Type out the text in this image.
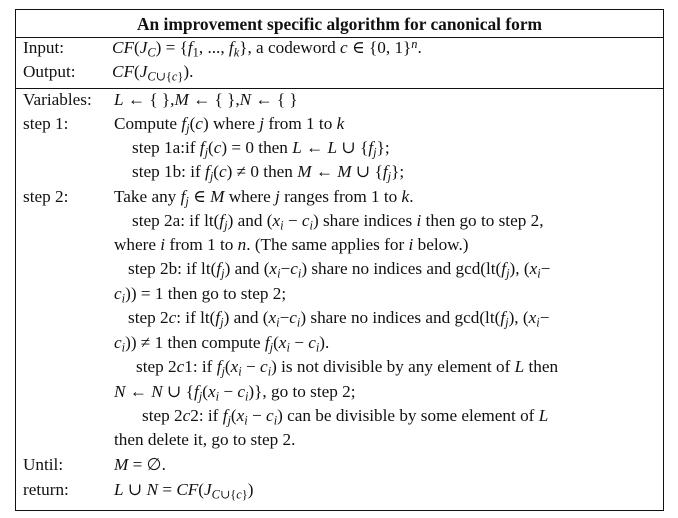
An improvement specific algorithm for canonical form
Input:	$CF(J_C) = \{f_1$, ..., $f_k$}, a codeword c ∈ {0, 1}$^n$.
Output: $CF(J_{C\cup\{c\}})$.
Variables: L ← { },M ← { },N ← { }
step 1:	Compute $f_j(c)$ where j from 1 to k
step 1a:if $f_j(c) = 0$ then L ← L ∪ $\{f_j\}$;
step 1b: if $f_j(c) \ne 0$ then M ← M ∪ $\{f_j\}$;
step 2:	Take any $f_j$ ∈ M where j ranges from 1 to k.
step 2a: if $lt(f_j)$ and $(x_i - c_i)$ share indices i then go to step 2,
where i from 1 to n. (The same applies for i below.)
step 2b: if $lt(f_j)$ and $(x_i-c_i)$ share no indices and $\gcd(lt(f_j)$, ($x_i-$
$c_i)) = 1$ then go to step 2;
step 2c: if $lt(f_j)$ and $(x_i-c_i)$ share no indices and $\gcd(lt(f_j)$, ($x_i-$
$c_i)) \ne 1$ then compute $f_j(x_i - c_i)$.
step 2c1: if $f_j(x_i - c_i)$ is not divisible by any element of L then
N ← N ∪ $\{f_j(x_i - c_i)\}$, go to step 2;
step 2c2: if $f_j(x_i - c_i)$ can be divisible by some element of L
then delete it, go to step 2.
Until:	M = ∅.
return:	L ∪ $N = CF(J_{C\cup\{c\}})$
